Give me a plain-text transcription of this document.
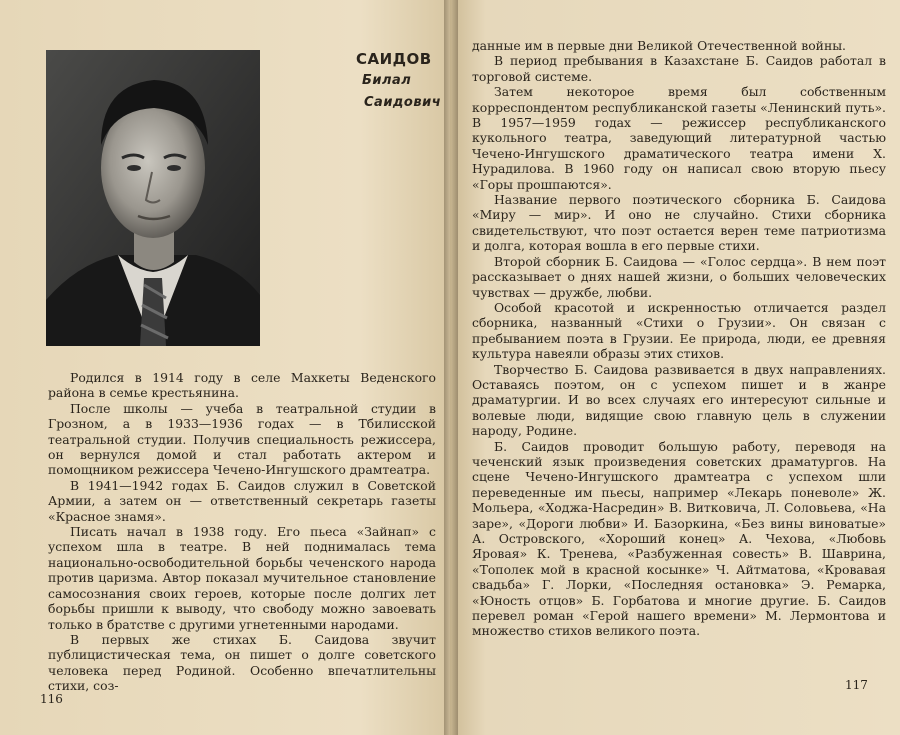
САИДОВ
Билал
Саидович

Родился в 1914 году в селе Махкеты Веденского района в семье крестьянина.

После школы — учеба в театральной студии в Грозном, а в 1933—1936 годах — в Тбилисской театральной студии. Получив специальность режиссера, он вернулся домой и стал работать актером и помощником режиссера Чечено-Ингушского драмтеатра.

В 1941—1942 годах Б. Саидов служил в Советской Армии, а затем он — ответственный секретарь газеты «Красное знамя».

Писать начал в 1938 году. Его пьеса «Зайнап» с успехом шла в театре. В ней поднималась тема национально-освободительной борьбы чеченского народа против царизма. Автор показал мучительное становление самосознания своих героев, которые после долгих лет борьбы пришли к выводу, что свободу можно завоевать только в братстве с другими угнетенными народами.

В первых же стихах Б. Саидова звучит публицистическая тема, он пишет о долге советского человека перед Родиной. Особенно впечатлительны стихи, соз-

116

данные им в первые дни Великой Отечественной войны.

В период пребывания в Казахстане Б. Саидов работал в торговой системе.

Затем некоторое время был собственным корреспондентом республиканской газеты «Ленинский путь». В 1957—1959 годах — режиссер республиканского кукольного театра, заведующий литературной частью Чечено-Ингушского драматического театра имени Х. Нурадилова. В 1960 году он написал свою вторую пьесу «Горы прошпаются».

Название первого поэтического сборника Б. Саидова «Миру — мир». И оно не случайно. Стихи сборника свидетельствуют, что поэт остается верен теме патриотизма и долга, которая вошла в его первые стихи.

Второй сборник Б. Саидова — «Голос сердца». В нем поэт рассказывает о днях нашей жизни, о больших человеческих чувствах — дружбе, любви.

Особой красотой и искренностью отличается раздел сборника, названный «Стихи о Грузии». Он связан с пребыванием поэта в Грузии. Ее природа, люди, ее древняя культура навеяли образы этих стихов.

Творчество Б. Саидова развивается в двух направлениях. Оставаясь поэтом, он с успехом пишет и в жанре драматургии. И во всех случаях его интересуют сильные и волевые люди, видящие свою главную цель в служении народу, Родине.

Б. Саидов проводит большую работу, переводя на чеченский язык произведения советских драматургов. На сцене Чечено-Ингушского драмтеатра с успехом шли переведенные им пьесы, например «Лекарь поневоле» Ж. Мольера, «Ходжа-Насредин» В. Витковича, Л. Соловьева, «На заре», «Дороги любви» И. Базоркина, «Без вины виноватые» А. Островского, «Хороший конец» А. Чехова, «Любовь Яровая» К. Тренева, «Разбуженная совесть» В. Шаврина, «Тополек мой в красной косынке» Ч. Айтматова, «Кровавая свадьба» Г. Лорки, «Последняя остановка» Э. Ремарка, «Юность отцов» Б. Горбатова и многие другие. Б. Саидов перевел роман «Герой нашего времени» М. Лермонтова и множество стихов великого поэта.

117
